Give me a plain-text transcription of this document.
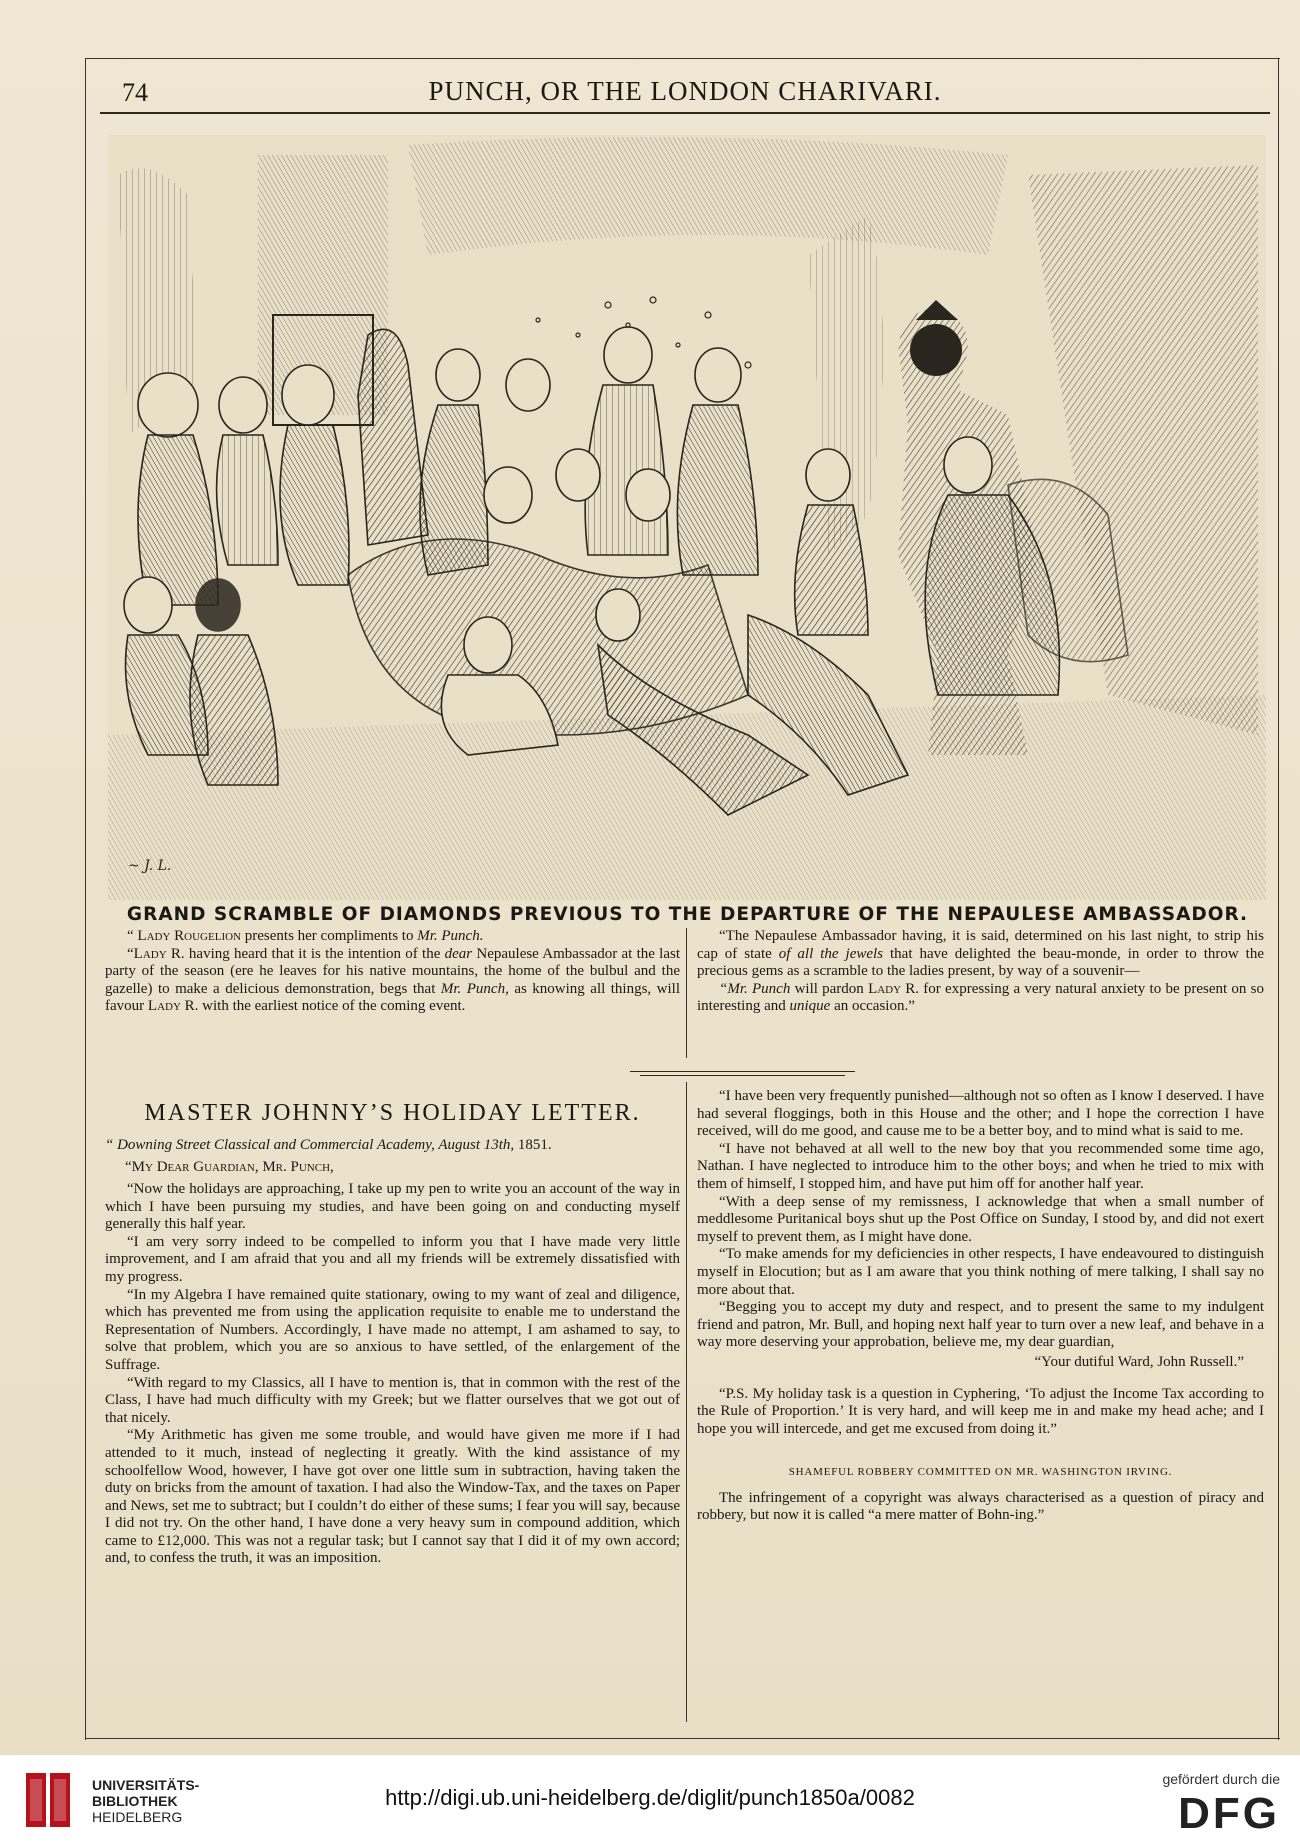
74	PUNCH, OR THE LONDON CHARIVARI.
~ J. L.
GRAND SCRAMBLE OF DIAMONDS PREVIOUS TO THE DEPARTURE OF THE NEPAULESE AMBASSADOR.

“ Lady Rougelion presents her compliments to Mr. Punch.

“Lady R. having heard that it is the intention of the dear Nepaulese Ambassador at the last party of the season (ere he leaves for his native mountains, the home of the bulbul and the gazelle) to make a delicious demonstration, begs that Mr. Punch, as knowing all things, will favour Lady R. with the earliest notice of the coming event.

“The Nepaulese Ambassador having, it is said, determined on his last night, to strip his cap of state of all the jewels that have delighted the beau-monde, in order to throw the precious gems as a scramble to the ladies present, by way of a souvenir—

“Mr. Punch will pardon Lady R. for expressing a very natural anxiety to be present on so interesting and unique an occasion.”

MASTER JOHNNY’S HOLIDAY LETTER.
“ Downing Street Classical and Commercial Academy, August 13th, 1851.
“My Dear Guardian, Mr. Punch,

“Now the holidays are approaching, I take up my pen to write you an account of the way in which I have been pursuing my studies, and have been going on and conducting myself generally this half year.

“I am very sorry indeed to be compelled to inform you that I have made very little improvement, and I am afraid that you and all my friends will be extremely dissatisfied with my progress.

“In my Algebra I have remained quite stationary, owing to my want of zeal and diligence, which has prevented me from using the application requisite to enable me to understand the Representation of Numbers. Accordingly, I have made no attempt, I am ashamed to say, to solve that problem, which you are so anxious to have settled, of the enlargement of the Suffrage.

“With regard to my Classics, all I have to mention is, that in common with the rest of the Class, I have had much difficulty with my Greek; but we flatter ourselves that we got out of that nicely.

“My Arithmetic has given me some trouble, and would have given me more if I had attended to it much, instead of neglecting it greatly. With the kind assistance of my schoolfellow Wood, however, I have got over one little sum in subtraction, having taken the duty on bricks from the amount of taxation. I had also the Window-Tax, and the taxes on Paper and News, set me to subtract; but I couldn’t do either of these sums; I fear you will say, because I did not try. On the other hand, I have done a very heavy sum in compound addition, which came to £12,000. This was not a regular task; but I cannot say that I did it of my own accord; and, to confess the truth, it was an imposition.

“I have been very frequently punished—although not so often as I know I deserved. I have had several floggings, both in this House and the other; and I hope the correction I have received, will do me good, and cause me to be a better boy, and to mind what is said to me.

“I have not behaved at all well to the new boy that you recommended some time ago, Nathan. I have neglected to introduce him to the other boys; and when he tried to mix with them of himself, I stopped him, and have put him off for another half year.

“With a deep sense of my remissness, I acknowledge that when a small number of meddlesome Puritanical boys shut up the Post Office on Sunday, I stood by, and did not exert myself to prevent them, as I might have done.

“To make amends for my deficiencies in other respects, I have endeavoured to distinguish myself in Elocution; but as I am aware that you think nothing of mere talking, I shall say no more about that.

“Begging you to accept my duty and respect, and to present the same to my indulgent friend and patron, Mr. Bull, and hoping next half year to turn over a new leaf, and behave in a way more deserving your approbation, believe me, my dear guardian,

“Your dutiful Ward, John Russell.”

“P.S. My holiday task is a question in Cyphering, ‘To adjust the Income Tax according to the Rule of Proportion.’ It is very hard, and will keep me in and make my head ache; and I hope you will intercede, and get me excused from doing it.”

SHAMEFUL ROBBERY COMMITTED ON MR. WASHINGTON IRVING.

The infringement of a copyright was always characterised as a question of piracy and robbery, but now it is called “a mere matter of Bohn-ing.”

UNIVERSITÄTS-
BIBLIOTHEK
HEIDELBERG
http://digi.ub.uni-heidelberg.de/diglit/punch1850a/0082
gefördert durch die
DFG
